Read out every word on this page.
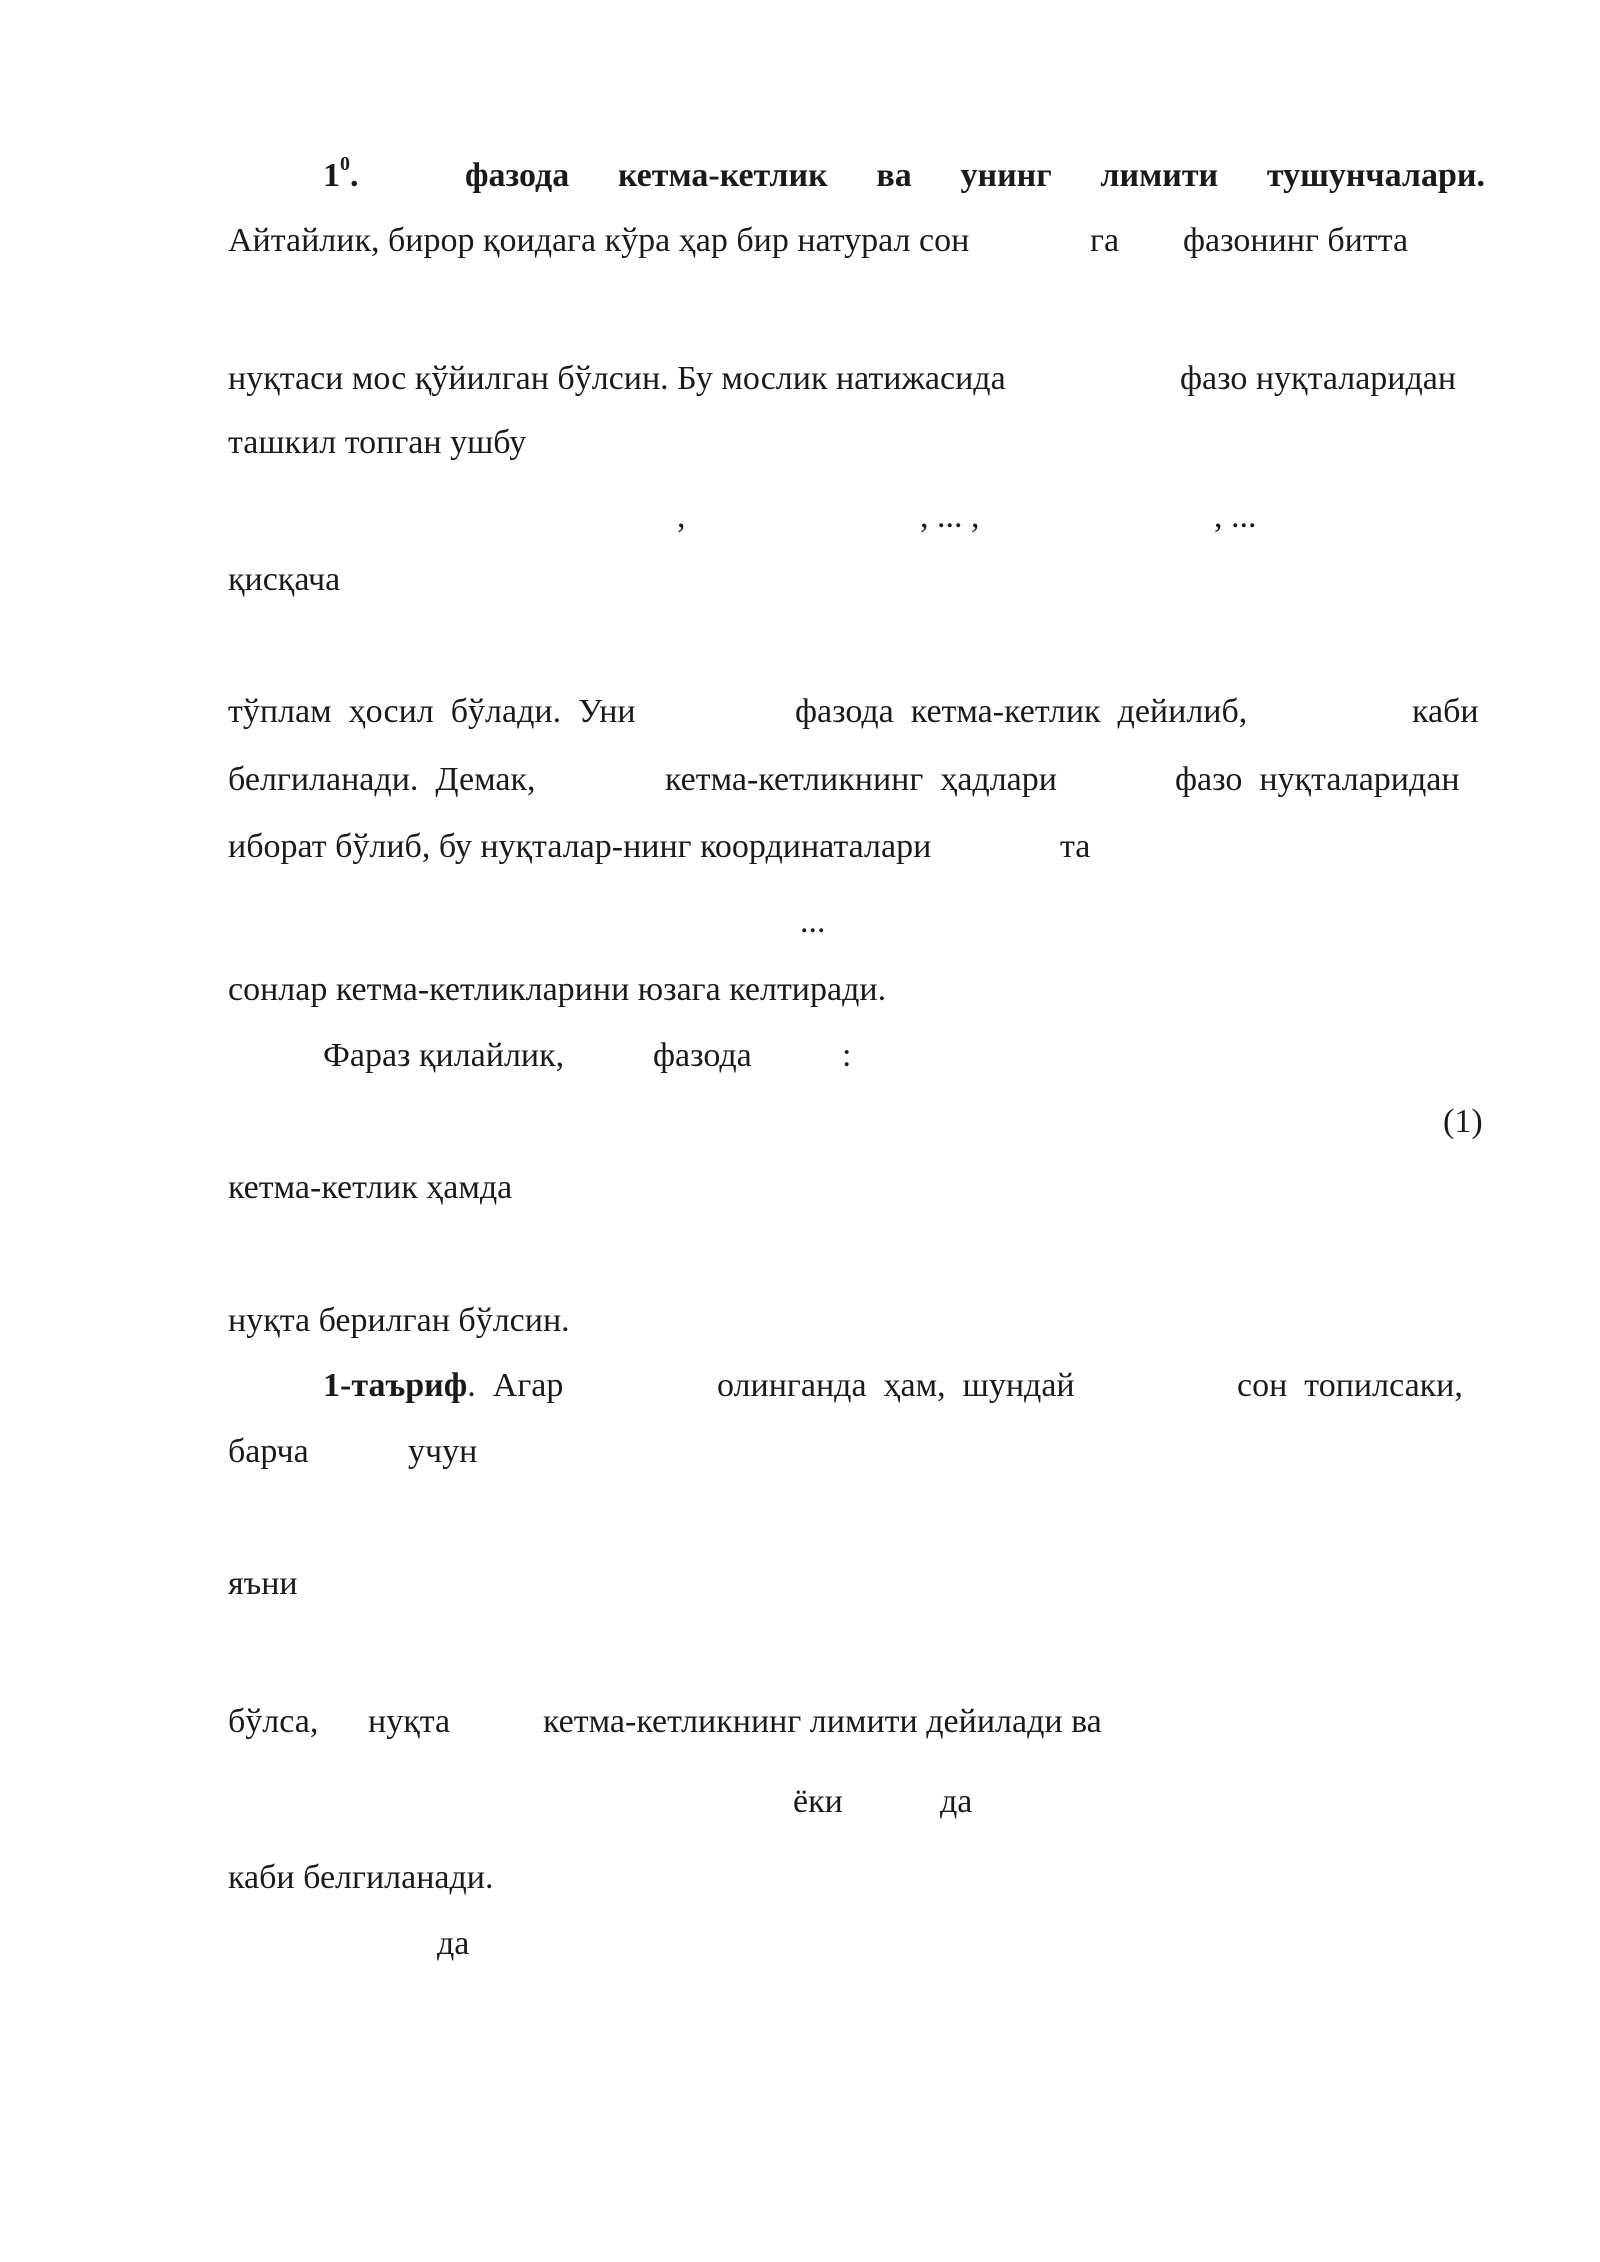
$1^0$.	фазода кетма-кетлик ва унинг лимити тушунчалари.
Айтайлик, бирор қоидага кўра ҳар бир натурал сон	га фазонинг битта
нуқтаси мос қўйилган бўлсин. Бу мослик натижасида	фазо нуқталаридан
ташкил топган ушбу
,	, ... ,	, ...
қисқача
тўплам ҳосил бўлади. Уни	фазода кетма-кетлик дейилиб,	каби
белгиланади. Демак,	кетма-кетликнинг ҳадлари	фазо нуқталаридан
иборат бўлиб, бу нуқталар-нинг координаталари	та
...
сонлар кетма-кетликларини юзага келтиради.
Фараз қилайлик,	фазода	:
(1)
кетма-кетлик ҳамда
нуқта берилган бўлсин.
1-таъриф. Агар	олинганда ҳам, шундай	сон топилсаки,
барча	учун
яъни
бўлса, нуқта	кетма-кетликнинг лимити дейилади ва
ёки	да
каби белгиланади.
да
